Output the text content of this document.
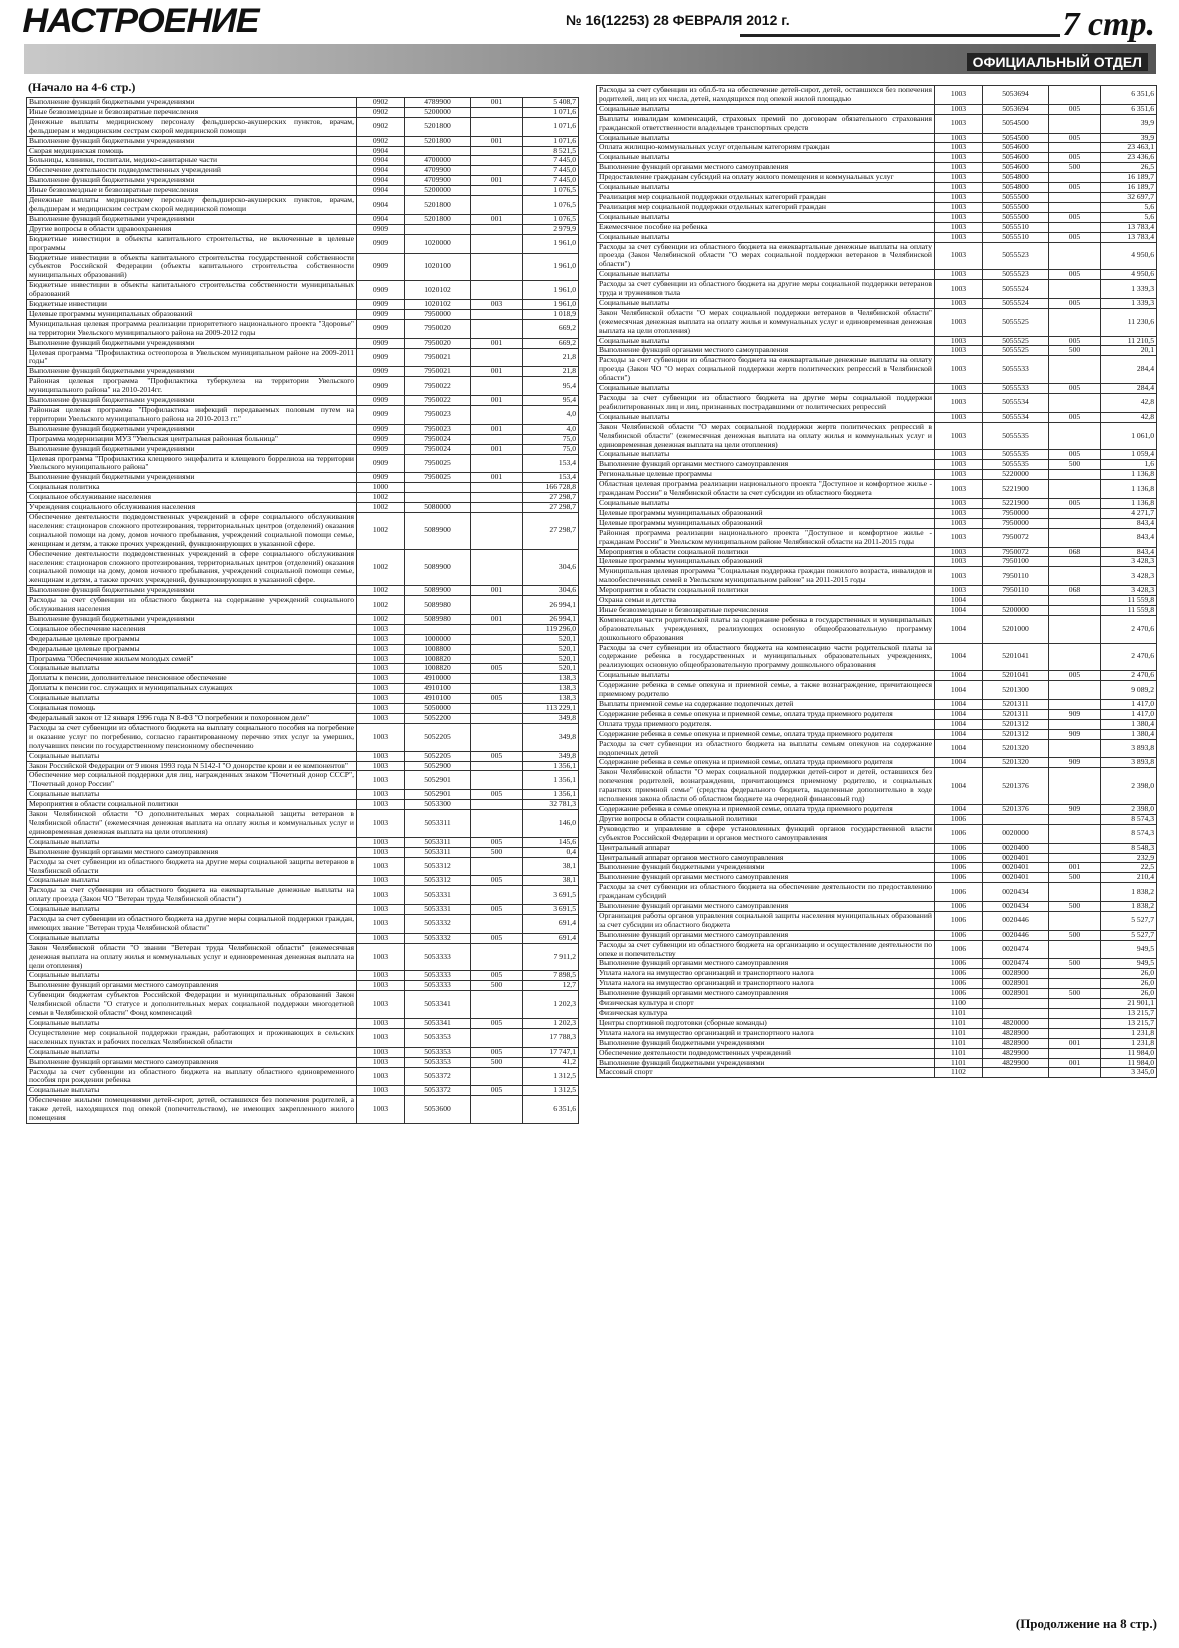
НАСТРОЕНИЕ	№ 16(12253) 28 ФЕВРАЛЯ 2012 г.	7 стр.
ОФИЦИАЛЬНЫЙ ОТДЕЛ
(Начало на 4-6 стр.)
Выполнение функций бюджетными учреждениями	0902	4789900	001	5 408,7
Иные безвозмездные и безвозвратные перечисления	0902	5200000		1 071,6
Денежные выплаты медицинскому персоналу фельдшерско-акушерских пунктов, врачам, фельдшерам и медицинским сестрам скорой медицинской помощи	0902	5201800		1 071,6
Выполнение функций бюджетными учреждениями	0902	5201800	001	1 071,6
Скорая медицинская помощь	0904			8 521,5
Больницы, клиники, госпитали, медико-санитарные части	0904	4700000		7 445,0
Обеспечение деятельности подведомственных учреждений	0904	4709900		7 445,0
Выполнение функций бюджетными учреждениями	0904	4709900	001	7 445,0
Иные безвозмездные и безвозвратные перечисления	0904	5200000		1 076,5
Денежные выплаты медицинскому персоналу фельдшерско-акушерских пунктов, врачам, фельдшерам и медицинским сестрам скорой медицинской помощи	0904	5201800		1 076,5
Выполнение функций бюджетными учреждениями	0904	5201800	001	1 076,5
Другие вопросы в области здравоохранения	0909			2 979,9
Бюджетные инвестиции в объекты капитального строительства, не включенные в целевые программы	0909	1020000		1 961,0
Бюджетные инвестиции в объекты капитального строительства государственной собственности субъектов Российской Федерации (объекты капитального строительства собственности муниципальных образований)	0909	1020100		1 961,0
Бюджетные инвестиции в объекты капитального строительства собственности муниципальных образований	0909	1020102		1 961,0
Бюджетные инвестиции	0909	1020102	003	1 961,0
Целевые программы муниципальных образований	0909	7950000		1 018,9
Муниципальная целевая программа реализации приоритетного национального проекта "Здоровье" на территории Увельского муниципального района на 2009-2012 годы	0909	7950020		669,2
Выполнение функций бюджетными учреждениями	0909	7950020	001	669,2
Целевая программа "Профилактика остеопороза в Увельском муниципальном районе на 2009-2011 годы"	0909	7950021		21,8
Выполнение функций бюджетными учреждениями	0909	7950021	001	21,8
Районная целевая программа "Профилактика туберкулеза на территории Увельского муниципального района" на 2010-2014гг.	0909	7950022		95,4
Выполнение функций бюджетными учреждениями	0909	7950022	001	95,4
Районная целевая программа "Профилактика инфекций передаваемых половым путем на территории Увельского муниципального района на 2010-2013 гг."	0909	7950023		4,0
Выполнение функций бюджетными учреждениями	0909	7950023	001	4,0
Программа модернизации МУЗ "Увельская центральная районная больница"	0909	7950024		75,0
Выполнение функций бюджетными учреждениями	0909	7950024	001	75,0
Целевая программа "Профилактика клещевого энцефалита и клещевого боррелиоза на территории Увельского муниципального района"	0909	7950025		153,4
Выполнение функций бюджетными учреждениями	0909	7950025	001	153,4
Социальная политика	1000			166 728,8
Социальное обслуживание населения	1002			27 298,7
Учреждения социального обслуживания населения	1002	5080000		27 298,7
Обеспечение деятельности подведомственных учреждений в сфере социального обслуживания населения: стационаров сложного протезирования, территориальных центров (отделений) оказания социальной помощи на дому, домов ночного пребывания, учреждений социальной помощи семье, женщинам и детям, а также прочих учреждений, функционирующих в указанной сфере.	1002	5089900		27 298,7
Обеспечение деятельности подведомственных учреждений в сфере социального обслуживания населения: стационаров сложного протезирования, территориальных центров (отделений) оказания социальной помощи на дому, домов ночного пребывания, учреждений социальной помощи семье, женщинам и детям, а также прочих учреждений, функционирующих в указанной сфере.	1002	5089900		304,6
Выполнение функций бюджетными учреждениями	1002	5089900	001	304,6
Расходы за счет субвенции из областного бюджета на содержание учреждений социального обслуживания населения	1002	5089980		26 994,1
Выполнение функций бюджетными учреждениями	1002	5089980	001	26 994,1
Социальное обеспечение населения	1003			119 296,0
Федеральные целевые программы	1003	1000000		520,1
Федеральные целевые программы	1003	1008800		520,1
Программа "Обеспечение жильем молодых семей"	1003	1008820		520,1
Социальные выплаты	1003	1008820	005	520,1
Доплаты к пенсии, дополнительное пенсионное обеспечение	1003	4910000		138,3
Доплаты к пенсии гос. служащих и муниципальных служащих	1003	4910100		138,3
Социальные выплаты	1003	4910100	005	138,3
Социальная помощь	1003	5050000		113 229,1
Федеральный закон от 12 января 1996 года N 8-ФЗ "О погребении и похоронном деле"	1003	5052200		349,8
Расходы за счет субвенции из областного бюджета на выплату социального пособия на погребение и оказание услуг по погребению, согласно гарантированному перечню этих услуг за умерших, получавших пенсии по государственному пенсионному обеспечению	1003	5052205		349,8
Социальные выплаты	1003	5052205	005	349,8
Закон Российской Федерации от 9 июня 1993 года N 5142-I "О донорстве крови и ее компонентов"	1003	5052900		1 356,1
Обеспечение мер социальной поддержки для лиц, награжденных знаком "Почетный донор СССР", "Почетный донор России"	1003	5052901		1 356,1
Социальные выплаты	1003	5052901	005	1 356,1
Мероприятия в области социальной политики	1003	5053300		32 781,3
Закон Челябинской области "О дополнительных мерах социальной защиты ветеранов в Челябинской области" (ежемесячная денежная выплата на оплату жилья и коммунальных услуг и единовременная денежная выплата на цели отопления)	1003	5053311		146,0
Социальные выплаты	1003	5053311	005	145,6
Выполнение функций органами местного самоуправления	1003	5053311	500	0,4
Расходы за счет субвенции из областного бюджета на другие меры социальной защиты ветеранов в Челябинской области	1003	5053312		38,1
Социальные выплаты	1003	5053312	005	38,1
Расходы за счет субвенции из областного бюджета на ежеквартальные денежные выплаты на оплату проезда (Закон ЧО "Ветеран труда Челябинской области")	1003	5053331		3 691,5
Социальные выплаты	1003	5053331	005	3 691,5
Расходы за счет субвенции из областного бюджета на другие меры социальной поддержки граждан, имеющих звание "Ветеран труда Челябинской области"	1003	5053332		691,4
Социальные выплаты	1003	5053332	005	691,4
Закон Челябинской области "О звании "Ветеран труда Челябинской области" (ежемесячная денежная выплата на оплату жилья и коммунальных услуг и единовременная денежная выплата на цели отопления)	1003	5053333		7 911,2
Социальные выплаты	1003	5053333	005	7 898,5
Выполнение функций органами местного самоуправления	1003	5053333	500	12,7
Субвенции бюджетам субъектов Российской Федерации и муниципальных образований Закон Челябинской области "О статусе и дополнительных мерах социальной поддержки многодетной семьи в Челябинской области" Фонд компенсаций	1003	5053341		1 202,3
Социальные выплаты	1003	5053341	005	1 202,3
Осуществление мер социальной поддержки граждан, работающих и проживающих в сельских населенных пунктах и рабочих поселках Челябинской области	1003	5053353		17 788,3
Социальные выплаты	1003	5053353	005	17 747,1
Выполнение функций органами местного самоуправления	1003	5053353	500	41,2
Расходы за счет субвенции из областного бюджета на выплату областного единовременного пособия при рождении ребенка	1003	5053372		1 312,5
Социальные выплаты	1003	5053372	005	1 312,5
Обеспечение жилыми помещениями детей-сирот, детей, оставшихся без попечения родителей, а также детей, находящихся под опекой (попечительством), не имеющих закрепленного жилого помещения	1003	5053600		6 351,6
Расходы за счет субвенции из обл.б-та на обеспечение детей-сирот, детей, оставшихся без попечения родителей, лиц из их числа, детей, находящихся под опекой жилой площадью	1003	5053694		6 351,6
Социальные выплаты	1003	5053694	005	6 351,6
Выплаты инвалидам компенсаций, страховых премий по договорам обязательного страхования гражданской ответственности владельцев транспортных средств	1003	5054500		39,9
Социальные выплаты	1003	5054500	005	39,9
Оплата жилищно-коммунальных услуг отдельным категориям граждан	1003	5054600		23 463,1
Социальные выплаты	1003	5054600	005	23 436,6
Выполнение функций органами местного самоуправления	1003	5054600	500	26,5
Предоставление гражданам субсидий на оплату жилого помещения и коммунальных услуг	1003	5054800		16 189,7
Социальные выплаты	1003	5054800	005	16 189,7
Реализация мер социальной поддержки отдельных категорий граждан	1003	5055500		32 697,7
Реализация мер социальной поддержки отдельных категорий граждан	1003	5055500		5,6
Социальные выплаты	1003	5055500	005	5,6
Ежемесячное пособие на ребенка	1003	5055510		13 783,4
Социальные выплаты	1003	5055510	005	13 783,4
Расходы за счет субвенции из областного бюджета на ежеквартальные денежные выплаты на оплату проезда (Закон Челябинской области "О мерах социальной поддержки ветеранов в Челябинской области")	1003	5055523		4 950,6
Социальные выплаты	1003	5055523	005	4 950,6
Расходы за счет субвенции из областного бюджета на другие меры социальной поддержки ветеранов труда и тружеников тыла	1003	5055524		1 339,3
Социальные выплаты	1003	5055524	005	1 339,3
Закон Челябинской области "О мерах социальной поддержки ветеранов в Челябинской области" (ежемесячная денежная выплата на оплату жилья и коммунальных услуг и единовременная денежная выплата на цели отопления)	1003	5055525		11 230,6
Социальные выплаты	1003	5055525	005	11 210,5
Выполнение функций органами местного самоуправления	1003	5055525	500	20,1
Расходы за счет субвенции из областного бюджета на ежеквартальные денежные выплаты на оплату проезда (Закон ЧО "О мерах социальной поддержки жертв политических репрессий в Челябинской области")	1003	5055533		284,4
Социальные выплаты	1003	5055533	005	284,4
Расходы за счет субвенции из областного бюджета на другие меры социальной поддержки реабилитированных лиц и лиц, признанных пострадавшими от политических репрессий	1003	5055534		42,8
Социальные выплаты	1003	5055534	005	42,8
Закон Челябинской области "О мерах социальной поддержки жертв политических репрессий в Челябинской области" (ежемесячная денежная выплата на оплату жилья и коммунальных услуг и единовременная денежная выплата на цели отопления)	1003	5055535		1 061,0
Социальные выплаты	1003	5055535	005	1 059,4
Выполнение функций органами местного самоуправления	1003	5055535	500	1,6
Региональные целевые программы	1003	5220000		1 136,8
Областная целевая программа реализации национального проекта "Доступное и комфортное жилье - гражданам России" в Челябинской области за счет субсидии из областного бюджета	1003	5221900		1 136,8
Социальные выплаты	1003	5221900	005	1 136,8
Целевые программы муниципальных образований	1003	7950000		4 271,7
Целевые программы муниципальных образований	1003	7950000		843,4
Районная программа реализации национального проекта "Доступное и комфортное жилье - гражданам России" в Увельском муниципальном районе Челябинской области на 2011-2015 годы	1003	7950072		843,4
Мероприятия в области социальной политики	1003	7950072	068	843,4
Целевые программы муниципальных образований	1003	7950100		3 428,3
Муниципальная целевая программа "Социальная поддержка граждан пожилого возраста, инвалидов и малообеспеченных семей в Увельском муниципальном районе" на 2011-2015 годы	1003	7950110		3 428,3
Мероприятия в области социальной политики	1003	7950110	068	3 428,3
Охрана семьи и детства	1004			11 559,8
Иные безвозмездные и безвозвратные перечисления	1004	5200000		11 559,8
Компенсация части родительской платы за содержание ребенка в государственных и муниципальных образовательных учреждениях, реализующих основную общеобразовательную программу дошкольного образования	1004	5201000		2 470,6
Расходы за счет субвенции из областного бюджета на компенсацию части родительской платы за содержание ребенка в государственных и муниципальных образовательных учреждениях, реализующих основную общеобразовательную программу дошкольного образования	1004	5201041		2 470,6
Социальные выплаты	1004	5201041	005	2 470,6
Содержание ребенка в семье опекуна и приемной семье, а также вознаграждение, причитающееся приемному родителю	1004	5201300		9 089,2
Выплаты приемной семье на содержание подопечных детей	1004	5201311		1 417,0
Содержание ребенка в семье опекуна и приемной семье, оплата труда приемного родителя	1004	5201311	909	1 417,0
Оплата труда приемного родителя.	1004	5201312		1 380,4
Содержание ребенка в семье опекуна и приемной семье, оплата труда приемного родителя	1004	5201312	909	1 380,4
Расходы за счет субвенции из областного бюджета на выплаты семьям опекунов на содержание подопечных детей	1004	5201320		3 893,8
Содержание ребенка в семье опекуна и приемной семье, оплата труда приемного родителя	1004	5201320	909	3 893,8
Закон Челябинской области "О мерах социальной поддержки детей-сирот и детей, оставшихся без попечения родителей, вознаграждении, причитающемся приемному родителю, и социальных гарантиях приемной семье" (средства федерального бюджета, выделенные дополнительно в ходе исполнения закона области об областном бюджете на очередной финансовый год)	1004	5201376		2 398,0
Содержание ребенка в семье опекуна и приемной семье, оплата труда приемного родителя	1004	5201376	909	2 398,0
Другие вопросы в области социальной политики	1006			8 574,3
Руководство и управление в сфере установленных функций органов государственной власти субъектов Российской Федерации и органов местного самоуправления	1006	0020000		8 574,3
Центральный аппарат	1006	0020400		8 548,3
Центральный аппарат органов местного самоуправления	1006	0020401		232,9
Выполнение функций бюджетными учреждениями	1006	0020401	001	22,5
Выполнение функций органами местного самоуправления	1006	0020401	500	210,4
Расходы за счет субвенции из областного бюджета на обеспечение деятельности по предоставлению гражданам субсидий	1006	0020434		1 838,2
Выполнение функций органами местного самоуправления	1006	0020434	500	1 838,2
Организация работы органов управления социальной защиты населения муниципальных образований за счет субсидии из областного бюджета	1006	0020446		5 527,7
Выполнение функций органами местного самоуправления	1006	0020446	500	5 527,7
Расходы за счет субвенции из областного бюджета на организацию и осуществление деятельности по опеке и попечительству	1006	0020474		949,5
Выполнение функций органами местного самоуправления	1006	0020474	500	949,5
Уплата налога на имущество организаций и транспортного налога	1006	0028900		26,0
Уплата налога на имущество организаций и транспортного налога	1006	0028901		26,0
Выполнение функций органами местного самоуправления	1006	0028901	500	26,0
Физическая культура и спорт	1100			21 901,1
Физическая культура	1101			13 215,7
Центры спортивной подготовки (сборные команды)	1101	4820000		13 215,7
Уплата налога на имущество организаций и транспортного налога	1101	4828900		1 231,8
Выполнение функций бюджетными учреждениями	1101	4828900	001	1 231,8
Обеспечение деятельности подведомственных учреждений	1101	4829900		11 984,0
Выполнение функций бюджетными учреждениями	1101	4829900	001	11 984,0
Массовый спорт	1102			3 345,0
(Продолжение на 8 стр.)
